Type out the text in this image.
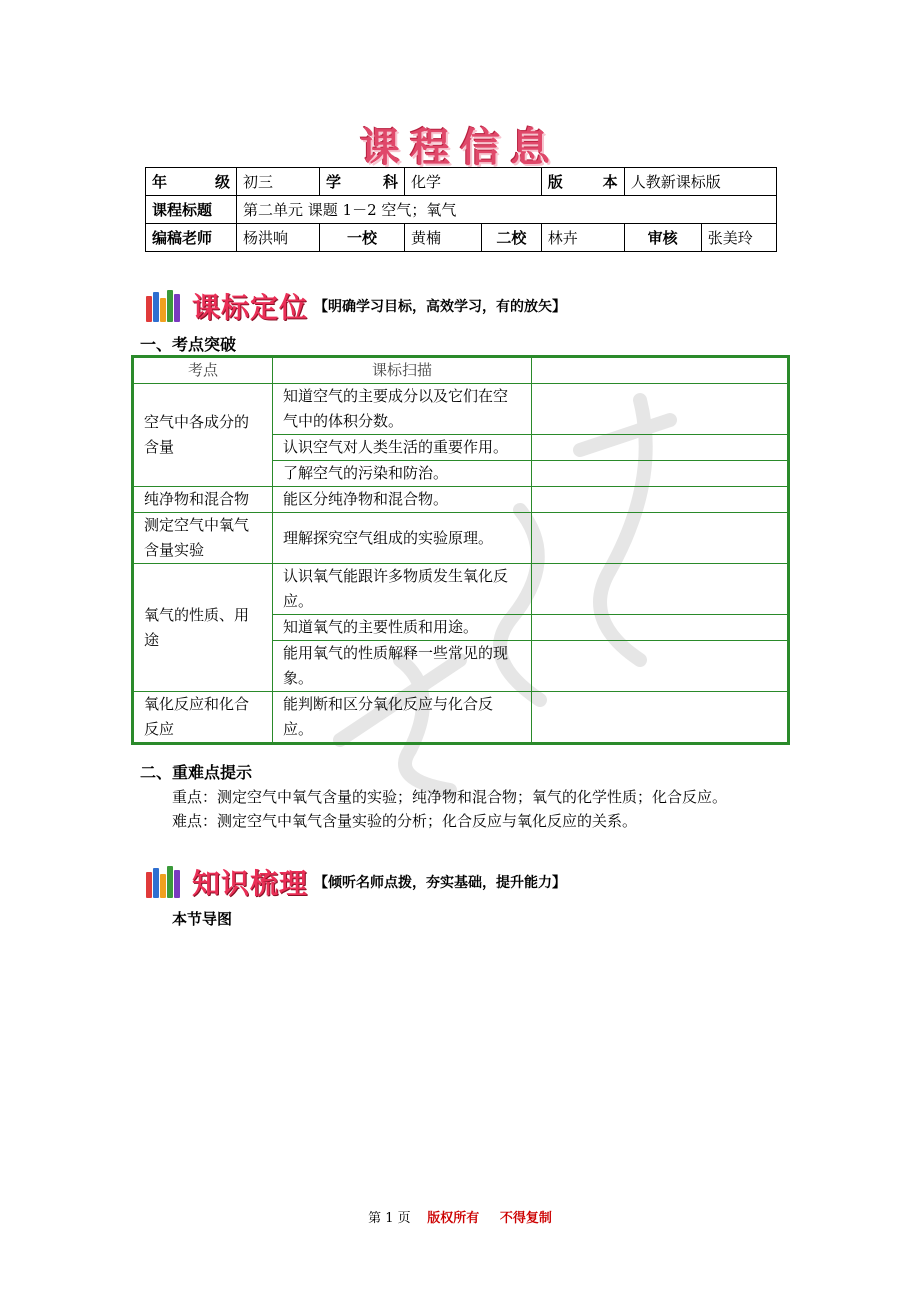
课程信息
年 级	初三	学 科	化学		版 本	人教新课标版	
课程标题	第二单元 课题 1－2 空气；氧气						
编稿老师	杨洪响	一校	黄楠	二校	林卉	审核	张美玲
课标定位 【明确学习目标，高效学习，有的放矢】
一、考点突破
考点	课标扫描	
空气中各成分的含量	知道空气的主要成分以及它们在空气中的体积分数。	
	认识空气对人类生活的重要作用。	
	了解空气的污染和防治。	
纯净物和混合物	能区分纯净物和混合物。	
测定空气中氧气含量实验	理解探究空气组成的实验原理。	
氧气的性质、用途	认识氧气能跟许多物质发生氧化反应。	
	知道氧气的主要性质和用途。	
	能用氧气的性质解释一些常见的现象。	
氧化反应和化合反应	能判断和区分氧化反应与化合反应。	
二、重难点提示
重点：测定空气中氧气含量的实验；纯净物和混合物；氧气的化学性质；化合反应。
难点：测定空气中氧气含量实验的分析；化合反应与氧化反应的关系。
知识梳理 【倾听名师点拨，夯实基础，提升能力】
本节导图
第 1 页 版权所有 不得复制
